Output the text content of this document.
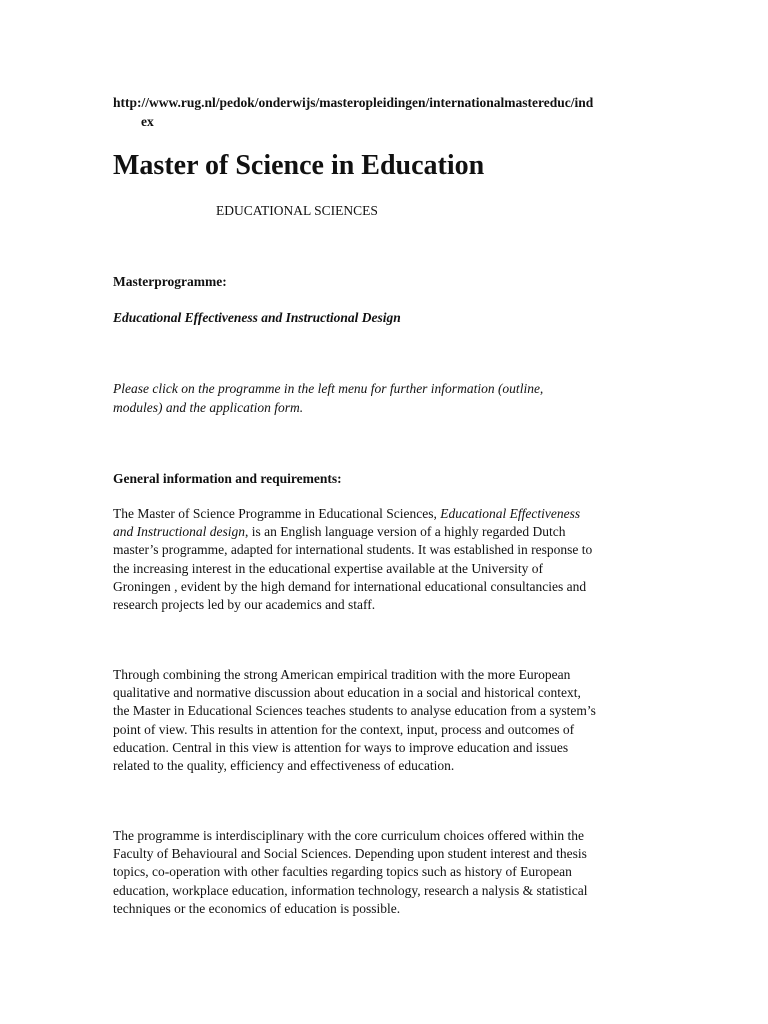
http://www.rug.nl/pedok/onderwijs/masteropleidingen/internationalmastereduc/ind
ex
Master of Science in Education
EDUCATIONAL SCIENCES
Masterprogramme:
Educational Effectiveness and Instructional Design
Please click on the programme in the left menu for further information (outline,
modules) and the application form.
General information and requirements:
The Master of Science Programme in Educational Sciences, Educational Effectiveness
and Instructional design, is an English language version of a highly regarded Dutch
master’s programme, adapted for international students. It was established in response to
the increasing interest in the educational expertise available at the University of
Groningen , evident by the high demand for international educational consultancies and
research projects led by our academics and staff.
Through combining the strong American empirical tradition with the more European
qualitative and normative discussion about education in a social and historical context,
the Master in Educational Sciences teaches students to analyse education from a system’s
point of view. This results in attention for the context, input, process and outcomes of
education. Central in this view is attention for ways to improve education and issues
related to the quality, efficiency and effectiveness of education.
The programme is interdisciplinary with the core curriculum choices offered within the
Faculty of Behavioural and Social Sciences. Depending upon student interest and thesis
topics, co-operation with other faculties regarding topics such as history of European
education, workplace education, information technology, research a nalysis & statistical
techniques or the economics of education is possible.
